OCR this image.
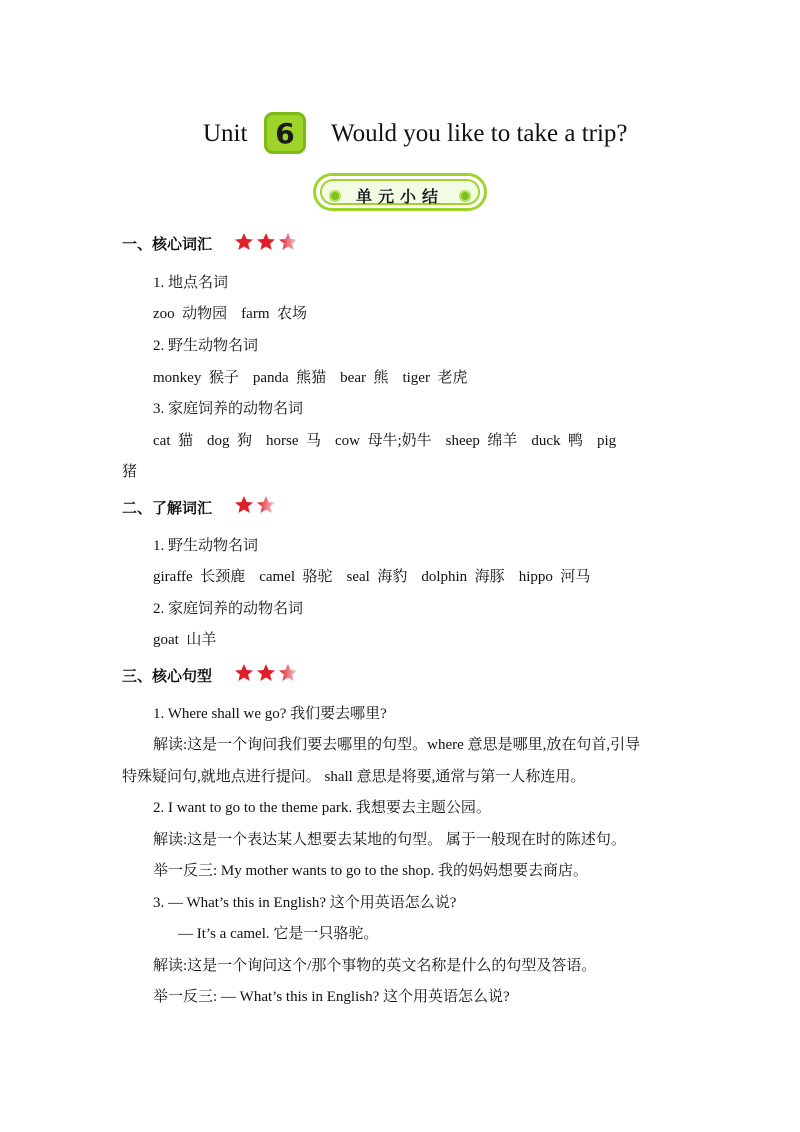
Unit 6	Would you like to take a trip?
单元小结
一、核心词汇
1. 地点名词
zoo  动物园 farm  农场
2. 野生动物名词
monkey  猴子 panda  熊猫 bear  熊 tiger  老虎
3. 家庭饲养的动物名词
cat  猫 dog  狗 horse  马 cow  母牛;奶牛 sheep  绵羊 duck  鸭 pig
猪
二、了解词汇
1. 野生动物名词
giraffe  长颈鹿 camel  骆驼 seal  海豹 dolphin  海豚 hippo  河马
2. 家庭饲养的动物名词
goat  山羊
三、核心句型
1. Where shall we go? 我们要去哪里?
解读:这是一个询问我们要去哪里的句型。where 意思是哪里,放在句首,引导
特殊疑问句,就地点进行提问。 shall 意思是将要,通常与第一人称连用。
2. I want to go to the theme park. 我想要去主题公园。
解读:这是一个表达某人想要去某地的句型。 属于一般现在时的陈述句。
举一反三: My mother wants to go to the shop. 我的妈妈想要去商店。
3. — What’s this in English? 这个用英语怎么说?
— It’s a camel. 它是一只骆驼。
解读:这是一个询问这个/那个事物的英文名称是什么的句型及答语。
举一反三: — What’s this in English? 这个用英语怎么说?
